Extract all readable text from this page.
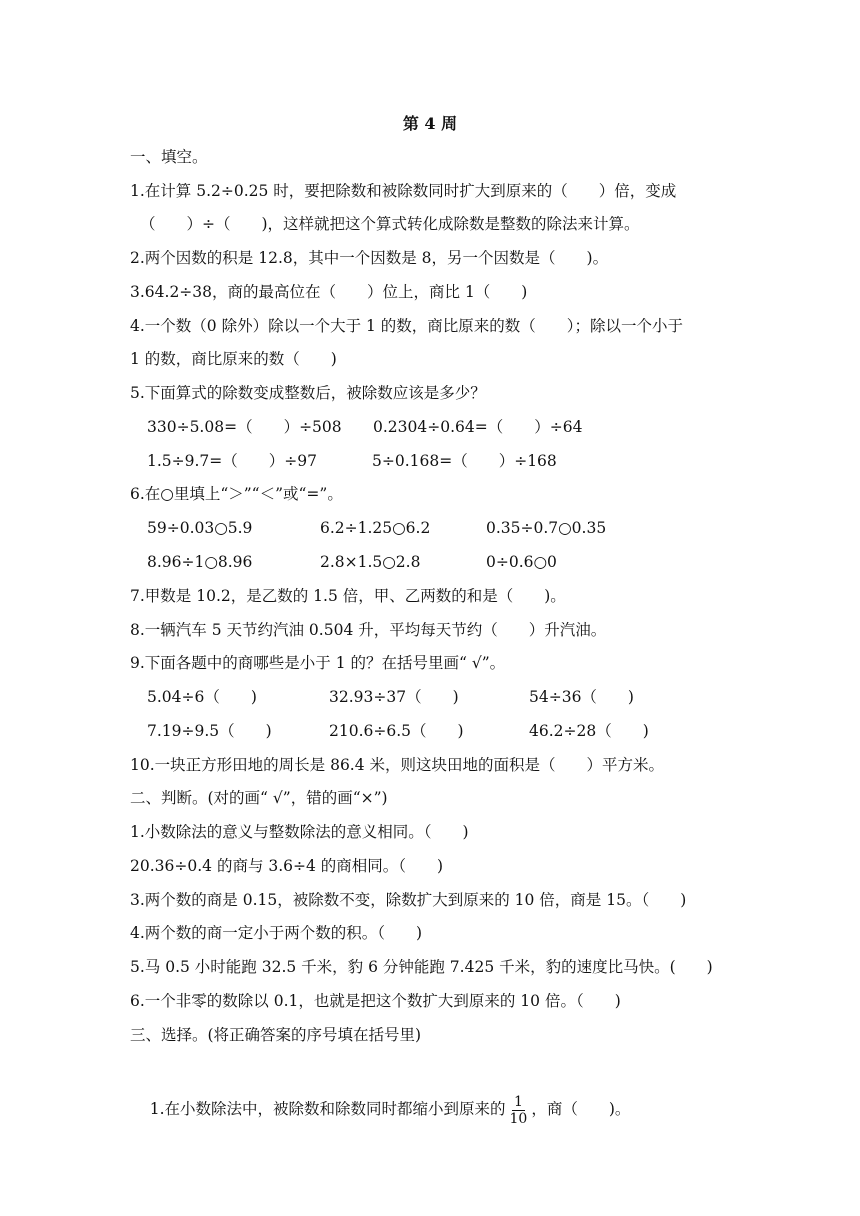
第 4 周
一、填空。
1.在计算 5.2÷0.25 时，要把除数和被除数同时扩大到原来的（　　）倍，变成
（　　）÷（　　)，这样就把这个算式转化成除数是整数的除法来计算。
2.两个因数的积是 12.8，其中一个因数是 8，另一个因数是（　　)。
3.64.2÷38，商的最高位在（　　）位上，商比 1（　　)
4.一个数（0 除外）除以一个大于 1 的数，商比原来的数（　　）；除以一个小于
1 的数，商比原来的数（　　)
5.下面算式的除数变成整数后，被除数应该是多少？
330÷5.08=（　　）÷508 0.2304÷0.64=（　　）÷64
1.5÷9.7=（　　）÷97	5÷0.168=（　　）÷168
6.在○里填上“＞”“＜”或“=”。
59÷0.03○5.9	6.2÷1.25○6.2	0.35÷0.7○0.35
8.96÷1○8.96	2.8×1.5○2.8	0÷0.6○0
7.甲数是 10.2，是乙数的 1.5 倍，甲、乙两数的和是（　　)。
8.一辆汽车 5 天节约汽油 0.504 升，平均每天节约（　　）升汽油。
9.下面各题中的商哪些是小于 1 的？在括号里画“ √”。
5.04÷6（　　)	32.93÷37（　　)	54÷36（　　)
7.19÷9.5（　　)	210.6÷6.5（　　)	46.2÷28（　　)
10.一块正方形田地的周长是 86.4 米，则这块田地的面积是（　　）平方米。
二、判断。(对的画“ √”，错的画“×”)
1.小数除法的意义与整数除法的意义相同。（　　)
20.36÷0.4 的商与 3.6÷4 的商相同。（　　)
3.两个数的商是 0.15，被除数不变，除数扩大到原来的 10 倍，商是 15。（　　)
4.两个数的商一定小于两个数的积。（　　)
5.马 0.5 小时能跑 32.5 千米，豹 6 分钟能跑 7.425 千米，豹的速度比马快。(　　)
6.一个非零的数除以 0.1，也就是把这个数扩大到原来的 10 倍。（　　)
三、选择。(将正确答案的序号填在括号里)

1.在小数除法中，被除数和除数同时都缩小到原来的 $\frac{1}{10}$ ，商（　　)。
